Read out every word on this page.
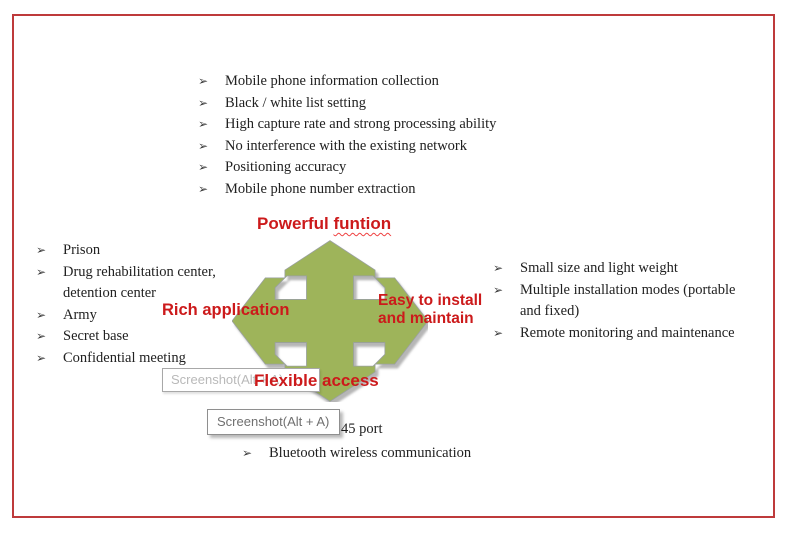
➢	Mobile phone information collection
➢	Black / white list setting
➢	High capture rate and strong processing ability
➢	No interference with the existing network
➢	Positioning accuracy
➢	Mobile phone number extraction
➢	Prison
➢	Drug rehabilitation center,
detention center
➢	Army
➢	Secret base
➢	Confidential meeting
➢	Small size and light weight
➢	Multiple installation modes (portable
and fixed)
➢	Remote monitoring and maintenance
Powerful funtion
Rich application
Easy to install
and maintain
Flexible access
45 port
➢	Bluetooth wireless communication
Screenshot(Alt + A)
Screenshot(Alt + A)
